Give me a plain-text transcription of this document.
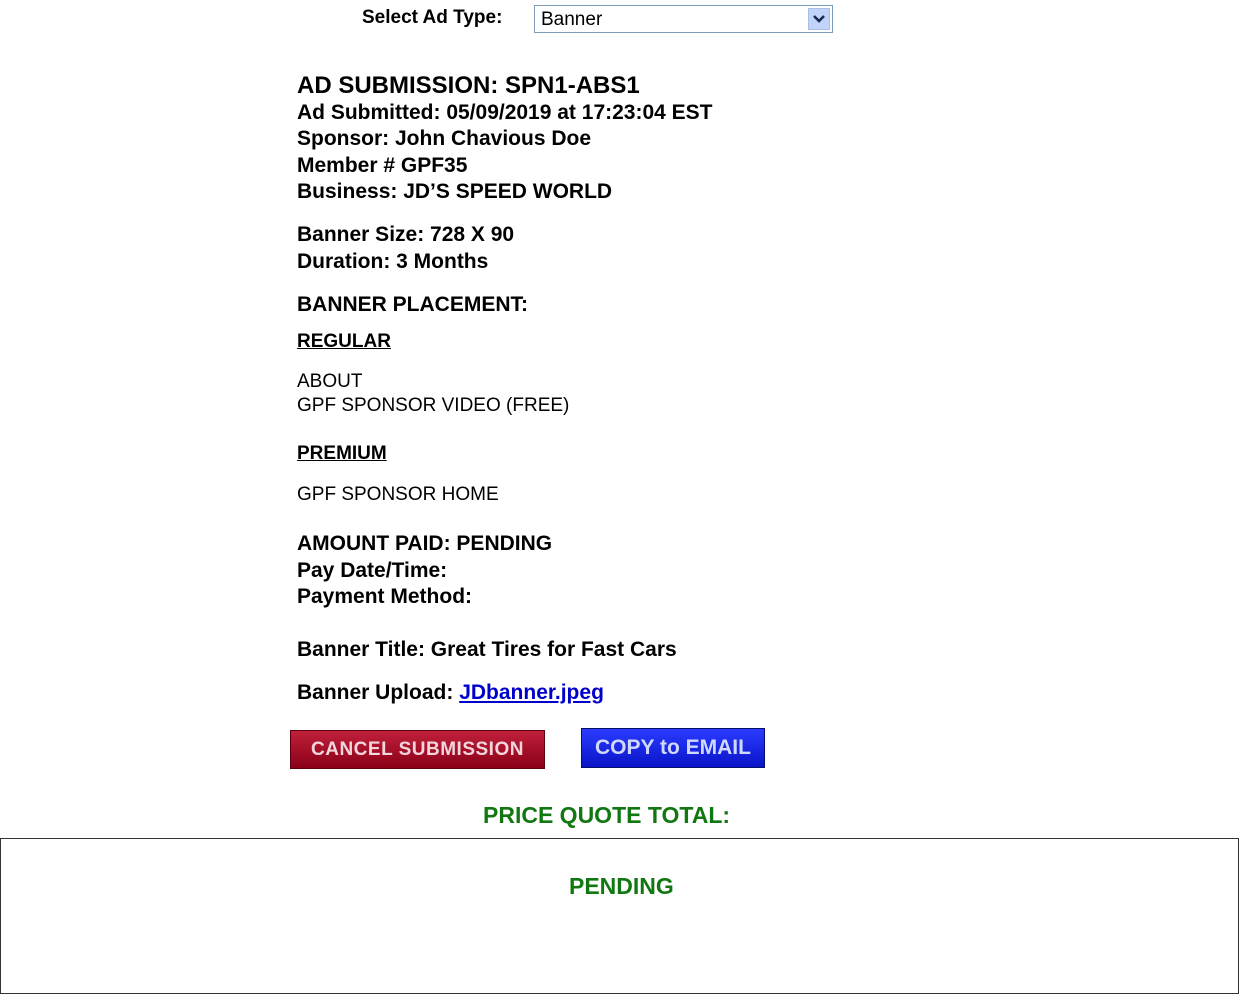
Select Ad Type: Banner
AD SUBMISSION: SPN1-ABS1
Ad Submitted: 05/09/2019 at 17:23:04 EST
Sponsor: John Chavious Doe
Member # GPF35
Business: JD’S SPEED WORLD
Banner Size: 728 X 90
Duration: 3 Months
BANNER PLACEMENT:
REGULAR
ABOUT
GPF SPONSOR VIDEO (FREE)
PREMIUM
GPF SPONSOR HOME
AMOUNT PAID: PENDING
Pay Date/Time:
Payment Method:
Banner Title: Great Tires for Fast Cars
Banner Upload: JDbanner.jpeg
CANCEL SUBMISSION	COPY to EMAIL
PRICE QUOTE TOTAL:
PENDING
